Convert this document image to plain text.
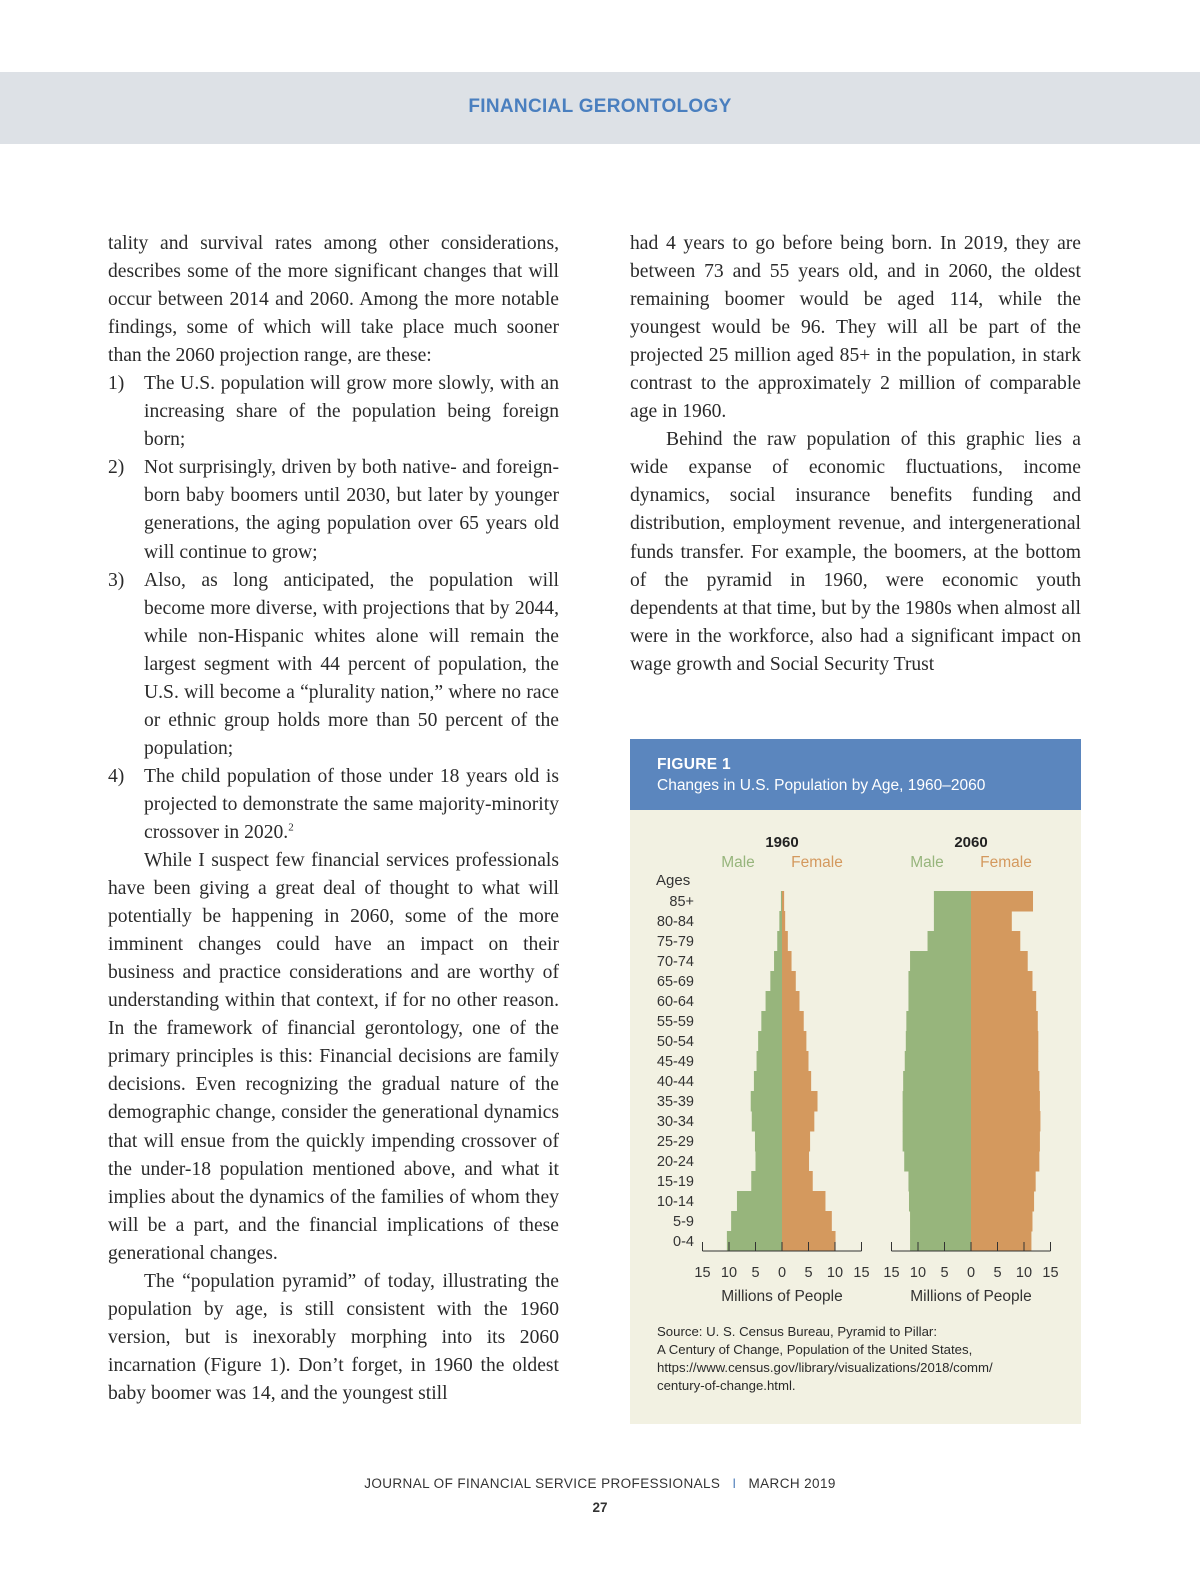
FINANCIAL GERONTOLOGY

tality and survival rates among other considerations, describes some of the more significant changes that will occur between 2014 and 2060. Among the more notable findings, some of which will take place much sooner than the 2060 projection range, are these:

1) The U.S. population will grow more slowly, with an increasing share of the population being foreign born;
2) Not surprisingly, driven by both native- and foreign-born baby boomers until 2030, but later by younger generations, the aging population over 65 years old will continue to grow;
3) Also, as long anticipated, the population will become more diverse, with projections that by 2044, while non-Hispanic whites alone will remain the largest segment with 44 percent of population, the U.S. will become a “plurality nation,” where no race or ethnic group holds more than 50 percent of the population;
4) The child population of those under 18 years old is projected to demonstrate the same majority-minority crossover in 2020.$^2$

While I suspect few financial services professionals have been giving a great deal of thought to what will potentially be happening in 2060, some of the more imminent changes could have an impact on their business and practice considerations and are worthy of understanding within that context, if for no other reason. In the framework of financial gerontology, one of the primary principles is this: Financial decisions are family decisions. Even recognizing the gradual nature of the demographic change, consider the generational dynamics that will ensue from the quickly impending crossover of the under-18 population mentioned above, and what it implies about the dynamics of the families of whom they will be a part, and the financial implications of these generational changes.

The “population pyramid” of today, illustrating the population by age, is still consistent with the 1960 version, but is inexorably morphing into its 2060 incarnation (Figure 1). Don’t forget, in 1960 the oldest baby boomer was 14, and the youngest still

had 4 years to go before being born. In 2019, they are between 73 and 55 years old, and in 2060, the oldest remaining boomer would be aged 114, while the youngest would be 96. They will all be part of the projected 25 million aged 85+ in the population, in stark contrast to the approximately 2 million of comparable age in 1960.

Behind the raw population of this graphic lies a wide expanse of economic fluctuations, income dynamics, social insurance benefits funding and distribution, employment revenue, and intergenerational funds transfer. For example, the boomers, at the bottom of the pyramid in 1960, were economic youth dependents at that time, but by the 1980s when almost all were in the workforce, also had a significant impact on wage growth and Social Security Trust

FIGURE 1
Changes in U.S. Population by Age, 1960–2060
Ages
85+
80-84
75-79
70-74
65-69
60-64
55-59
50-54
45-49
40-44
35-39
30-34
25-29
20-24
15-19
10-14
5-9
0-4
1960
Male Female
15 10 5 0 5 10 15
Millions of People
2060
Male Female
15 10 5 0 5 10 15
Millions of People
Source: U. S. Census Bureau, Pyramid to Pillar:
A Century of Change, Population of the United States,
https://www.census.gov/library/visualizations/2018/comm/
century-of-change.html.
JOURNAL OF FINANCIAL SERVICE PROFESSIONALS I MARCH 2019
27
